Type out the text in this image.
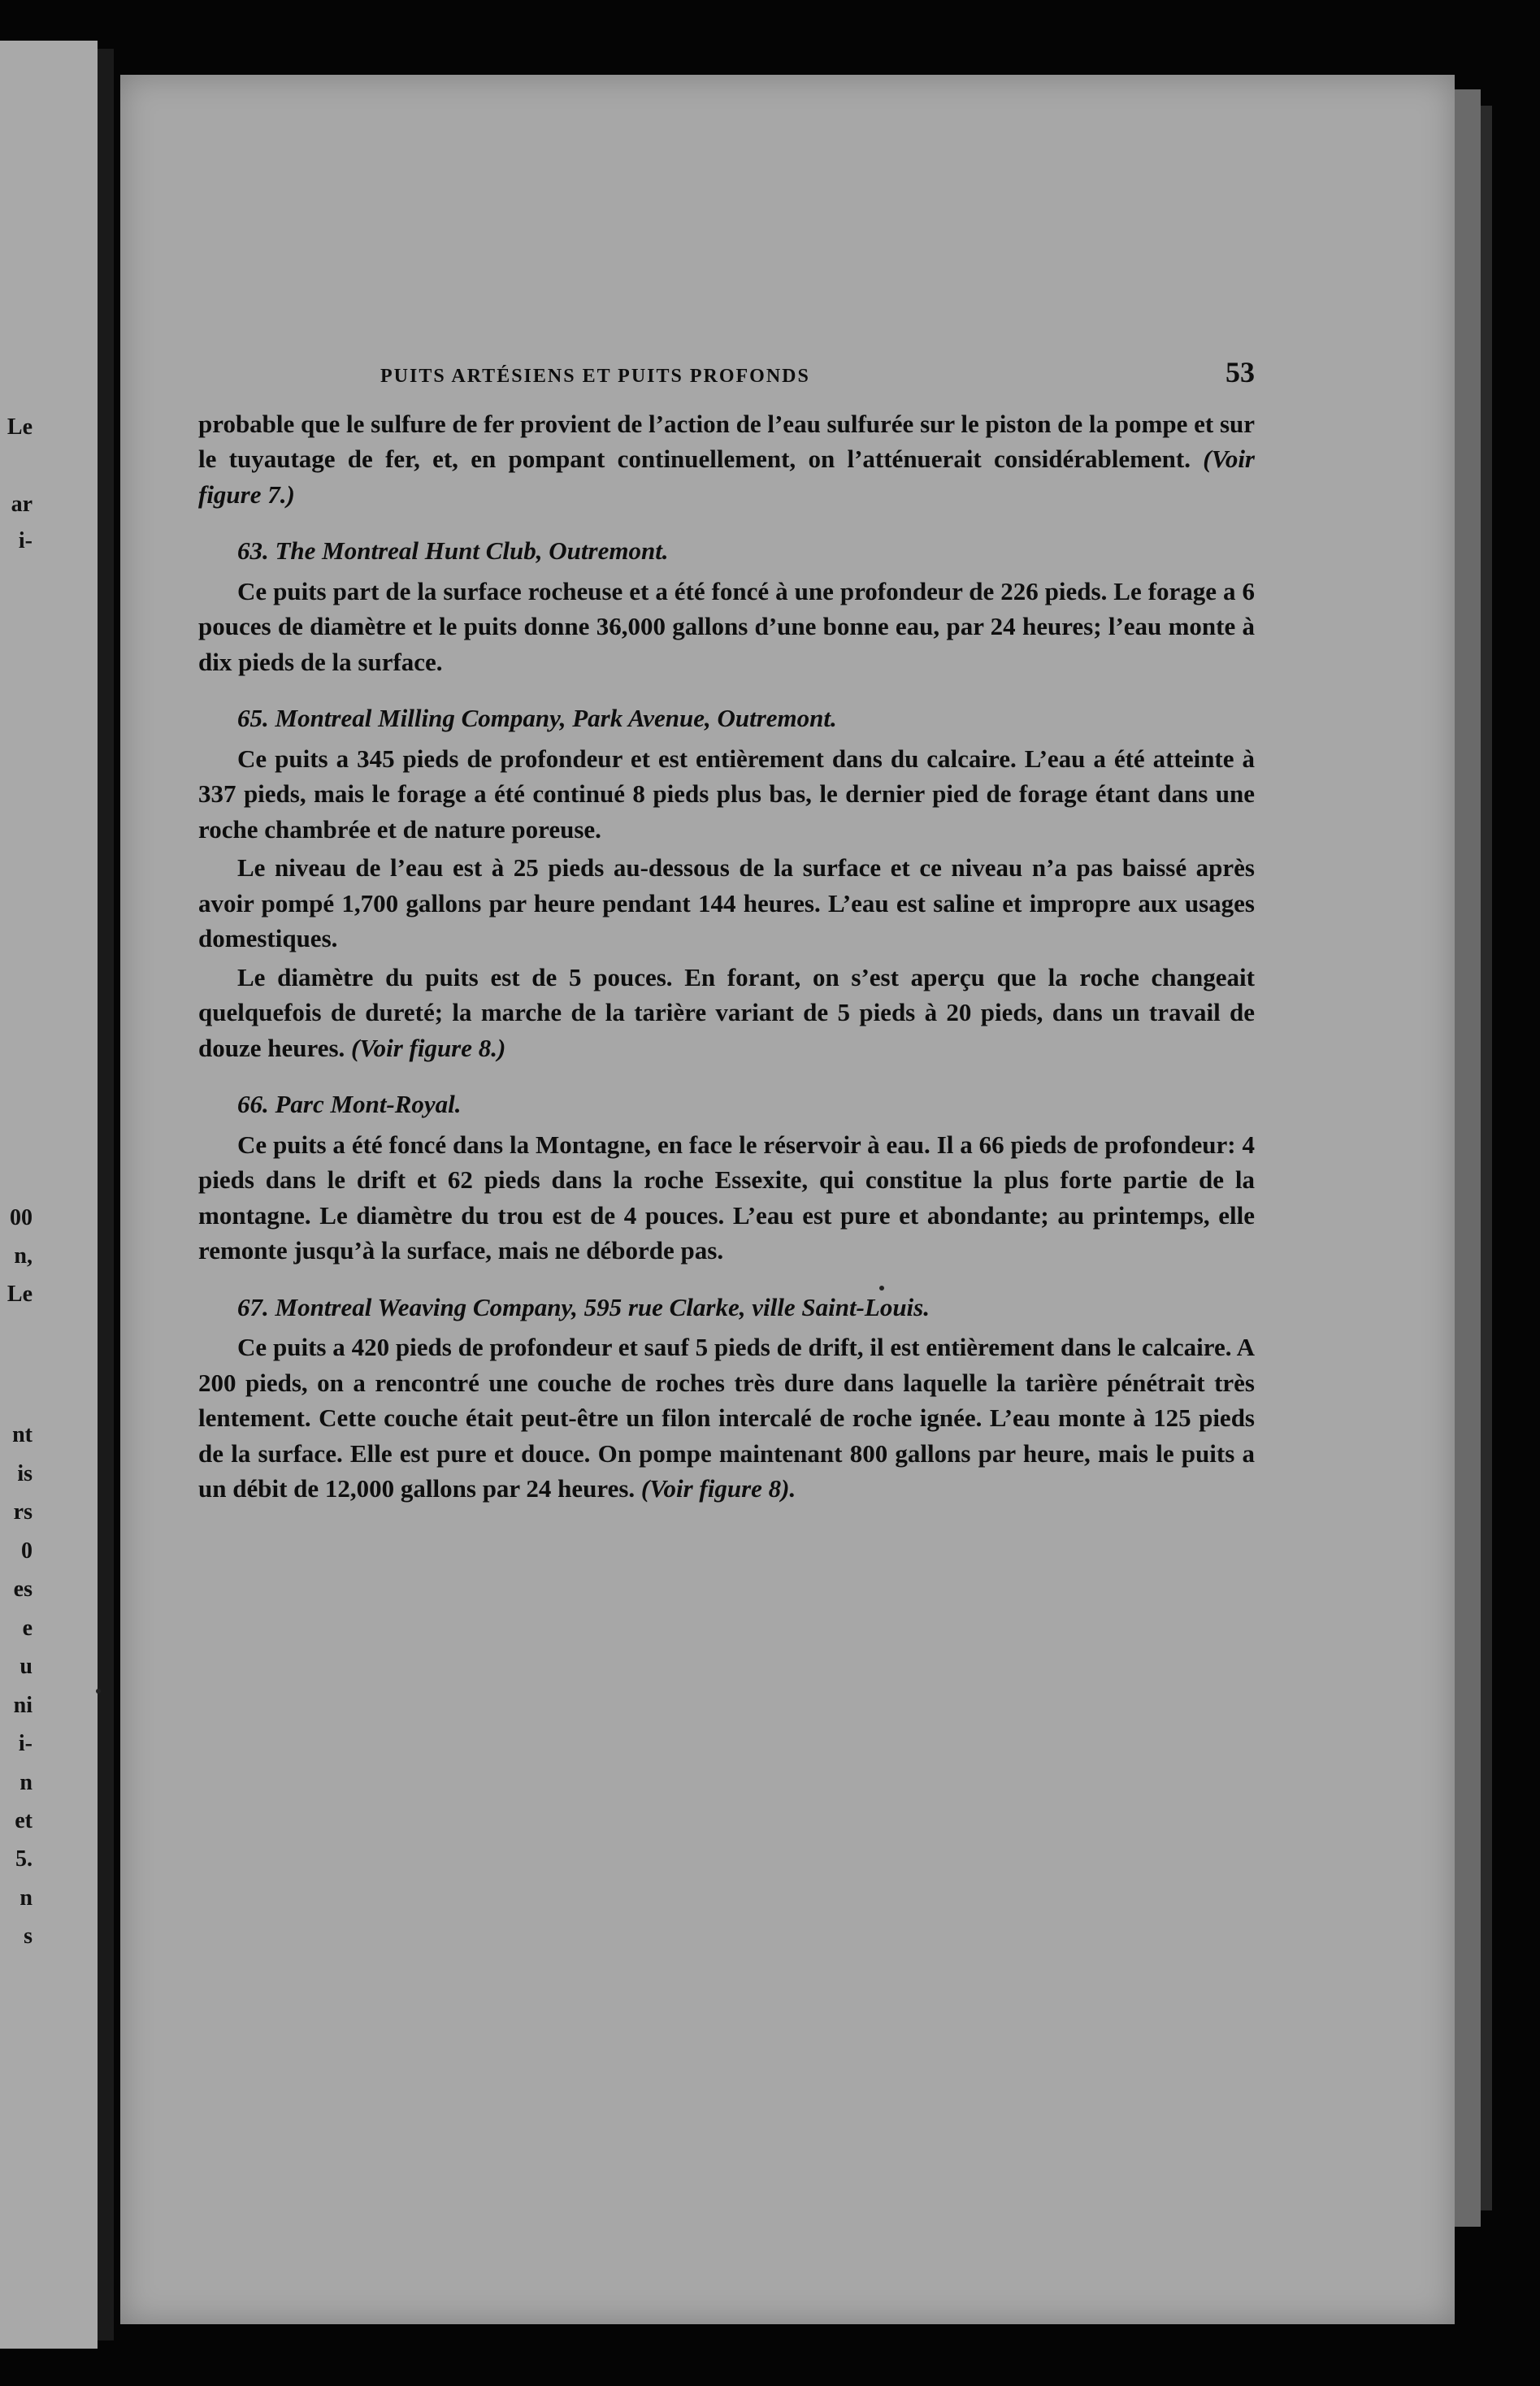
Le
ar
i-
00
n,
Le
nt
is
rs
0
es
e
u
ni
i-
n
et
5.
n
s
PUITS ARTÉSIENS ET PUITS PROFONDS	53

probable que le sulfure de fer provient de l’action de l’eau sulfurée sur le piston de la pompe et sur le tuyautage de fer, et, en pompant continuellement, on l’atténuerait considérablement. (Voir figure 7.)

63. The Montreal Hunt Club, Outremont.

Ce puits part de la surface rocheuse et a été foncé à une profondeur de 226 pieds. Le forage a 6 pouces de diamètre et le puits donne 36,000 gallons d’une bonne eau, par 24 heures; l’eau monte à dix pieds de la surface.

65. Montreal Milling Company, Park Avenue, Outremont.

Ce puits a 345 pieds de profondeur et est entièrement dans du calcaire. L’eau a été atteinte à 337 pieds, mais le forage a été continué 8 pieds plus bas, le dernier pied de forage étant dans une roche chambrée et de nature poreuse.

Le niveau de l’eau est à 25 pieds au-dessous de la surface et ce niveau n’a pas baissé après avoir pompé 1,700 gallons par heure pendant 144 heures. L’eau est saline et impropre aux usages domestiques.

Le diamètre du puits est de 5 pouces. En forant, on s’est aperçu que la roche changeait quelquefois de dureté; la marche de la tarière variant de 5 pieds à 20 pieds, dans un travail de douze heures. (Voir figure 8.)

66. Parc Mont-Royal.

Ce puits a été foncé dans la Montagne, en face le réservoir à eau. Il a 66 pieds de profondeur: 4 pieds dans le drift et 62 pieds dans la roche Essexite, qui constitue la plus forte partie de la montagne. Le diamètre du trou est de 4 pouces. L’eau est pure et abondante; au printemps, elle remonte jusqu’à la surface, mais ne déborde pas.

67. Montreal Weaving Company, 595 rue Clarke, ville Saint-Louis.

Ce puits a 420 pieds de profondeur et sauf 5 pieds de drift, il est entièrement dans le calcaire. A 200 pieds, on a rencontré une couche de roches très dure dans laquelle la tarière pénétrait très lentement. Cette couche était peut-être un filon intercalé de roche ignée. L’eau monte à 125 pieds de la surface. Elle est pure et douce. On pompe maintenant 800 gallons par heure, mais le puits a un débit de 12,000 gallons par 24 heures. (Voir figure 8).
